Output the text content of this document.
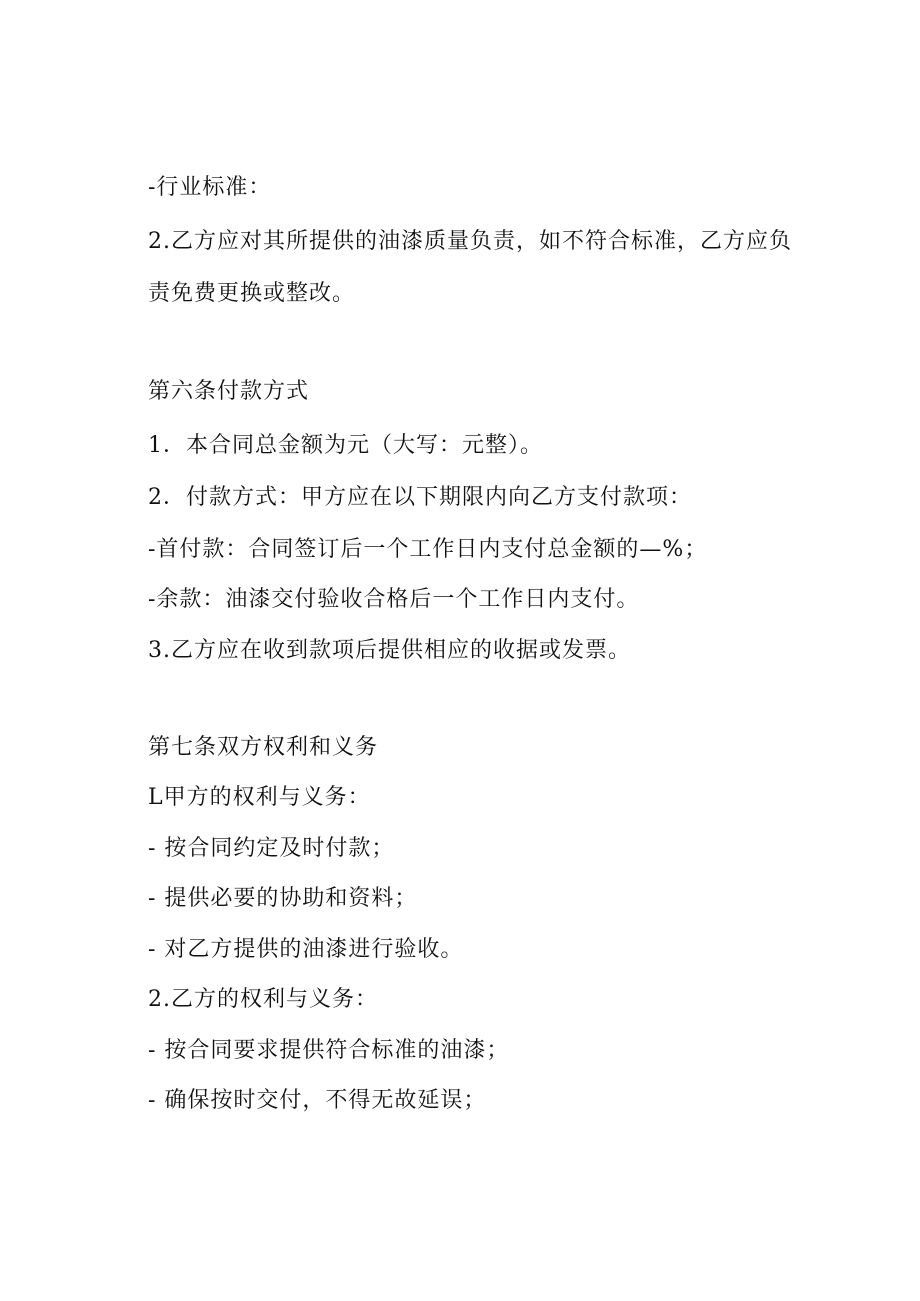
-行业标准：
2.乙方应对其所提供的油漆质量负责，如不符合标准，乙方应负
责免费更换或整改。
第六条付款方式
1．本合同总金额为元（大写：元整）。
2．付款方式：甲方应在以下期限内向乙方支付款项：
-首付款：合同签订后一个工作日内支付总金额的—%；
-余款：油漆交付验收合格后一个工作日内支付。
3.乙方应在收到款项后提供相应的收据或发票。
第七条双方权利和义务
L甲方的权利与义务：
- 按合同约定及时付款；
- 提供必要的协助和资料；
- 对乙方提供的油漆进行验收。
2.乙方的权利与义务：
- 按合同要求提供符合标准的油漆；
- 确保按时交付，不得无故延误；
